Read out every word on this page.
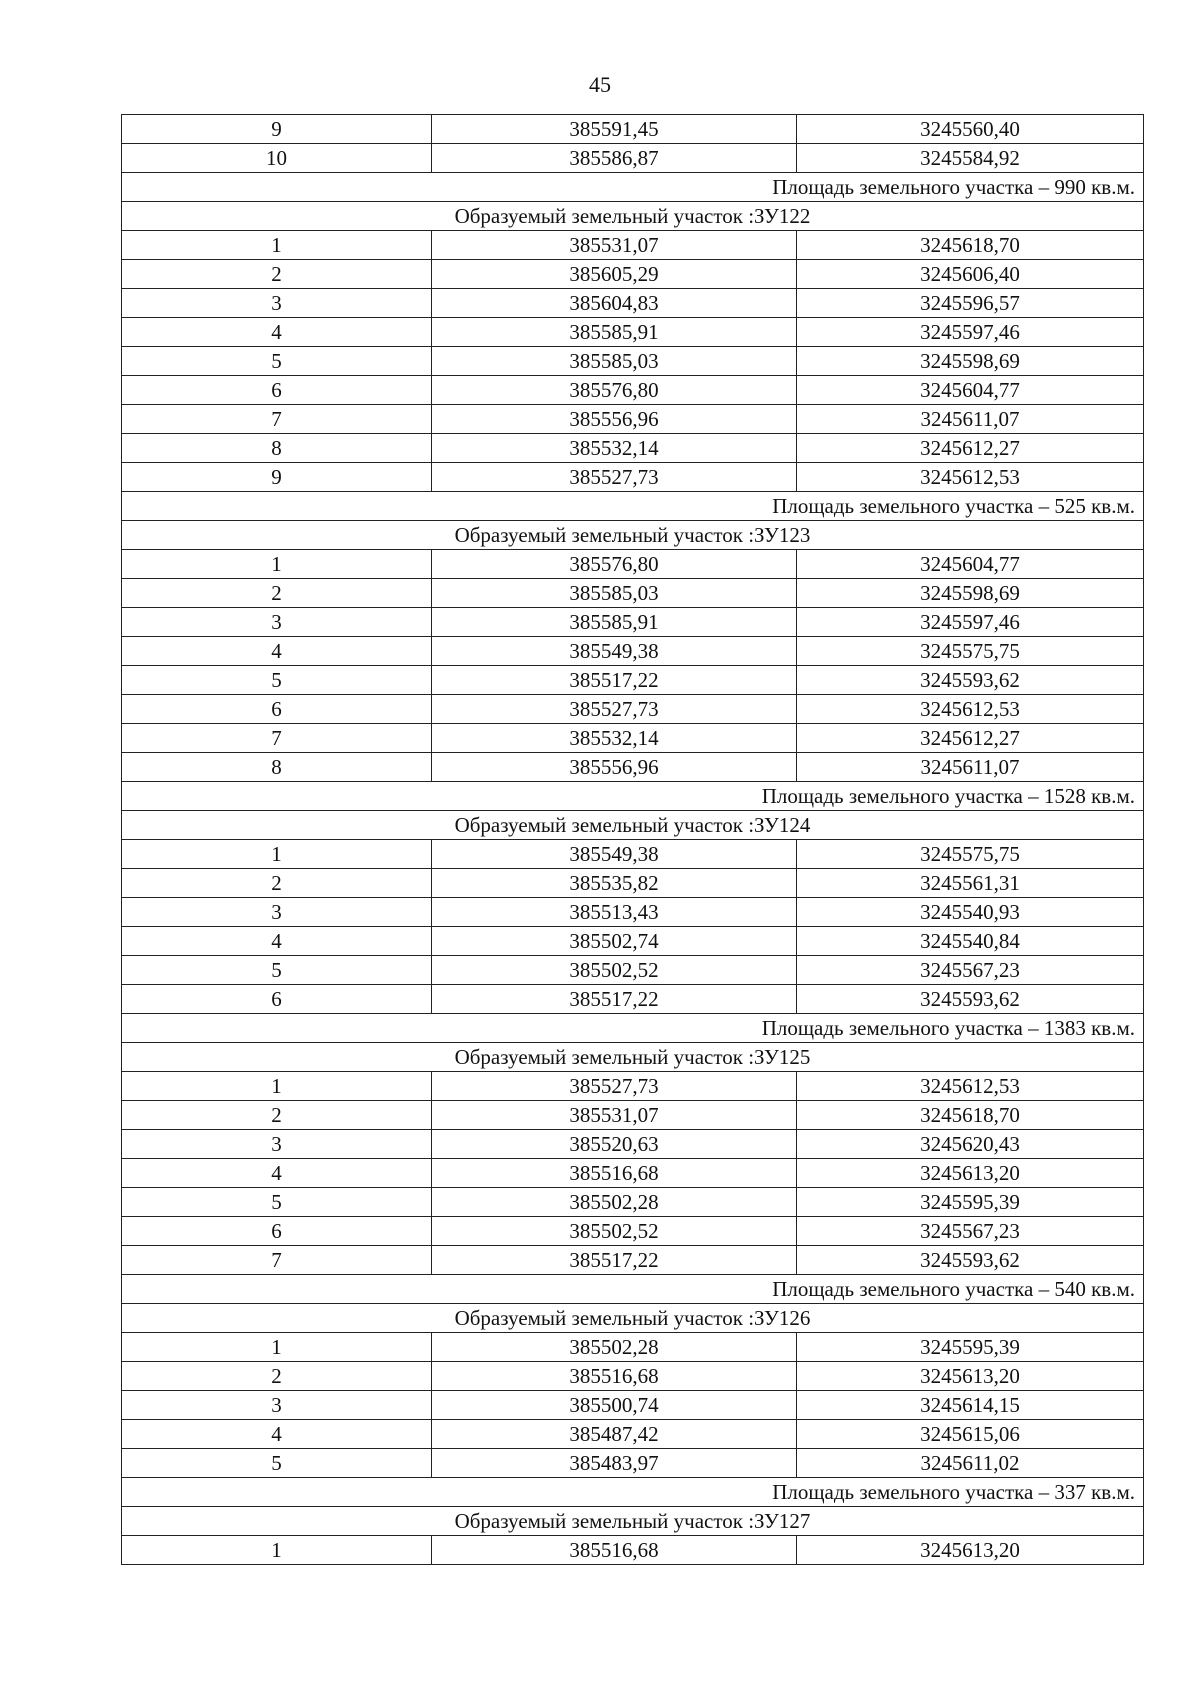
45
9	385591,45	3245560,40
10	385586,87	3245584,92
Площадь земельного участка – 990 кв.м.		
Образуемый земельный участок :ЗУ122		
1	385531,07	3245618,70
2	385605,29	3245606,40
3	385604,83	3245596,57
4	385585,91	3245597,46
5	385585,03	3245598,69
6	385576,80	3245604,77
7	385556,96	3245611,07
8	385532,14	3245612,27
9	385527,73	3245612,53
Площадь земельного участка – 525 кв.м.		
Образуемый земельный участок :ЗУ123		
1	385576,80	3245604,77
2	385585,03	3245598,69
3	385585,91	3245597,46
4	385549,38	3245575,75
5	385517,22	3245593,62
6	385527,73	3245612,53
7	385532,14	3245612,27
8	385556,96	3245611,07
Площадь земельного участка – 1528 кв.м.		
Образуемый земельный участок :ЗУ124		
1	385549,38	3245575,75
2	385535,82	3245561,31
3	385513,43	3245540,93
4	385502,74	3245540,84
5	385502,52	3245567,23
6	385517,22	3245593,62
Площадь земельного участка – 1383 кв.м.		
Образуемый земельный участок :ЗУ125		
1	385527,73	3245612,53
2	385531,07	3245618,70
3	385520,63	3245620,43
4	385516,68	3245613,20
5	385502,28	3245595,39
6	385502,52	3245567,23
7	385517,22	3245593,62
Площадь земельного участка – 540 кв.м.		
Образуемый земельный участок :ЗУ126		
1	385502,28	3245595,39
2	385516,68	3245613,20
3	385500,74	3245614,15
4	385487,42	3245615,06
5	385483,97	3245611,02
Площадь земельного участка – 337 кв.м.		
Образуемый земельный участок :ЗУ127		
1	385516,68	3245613,20
